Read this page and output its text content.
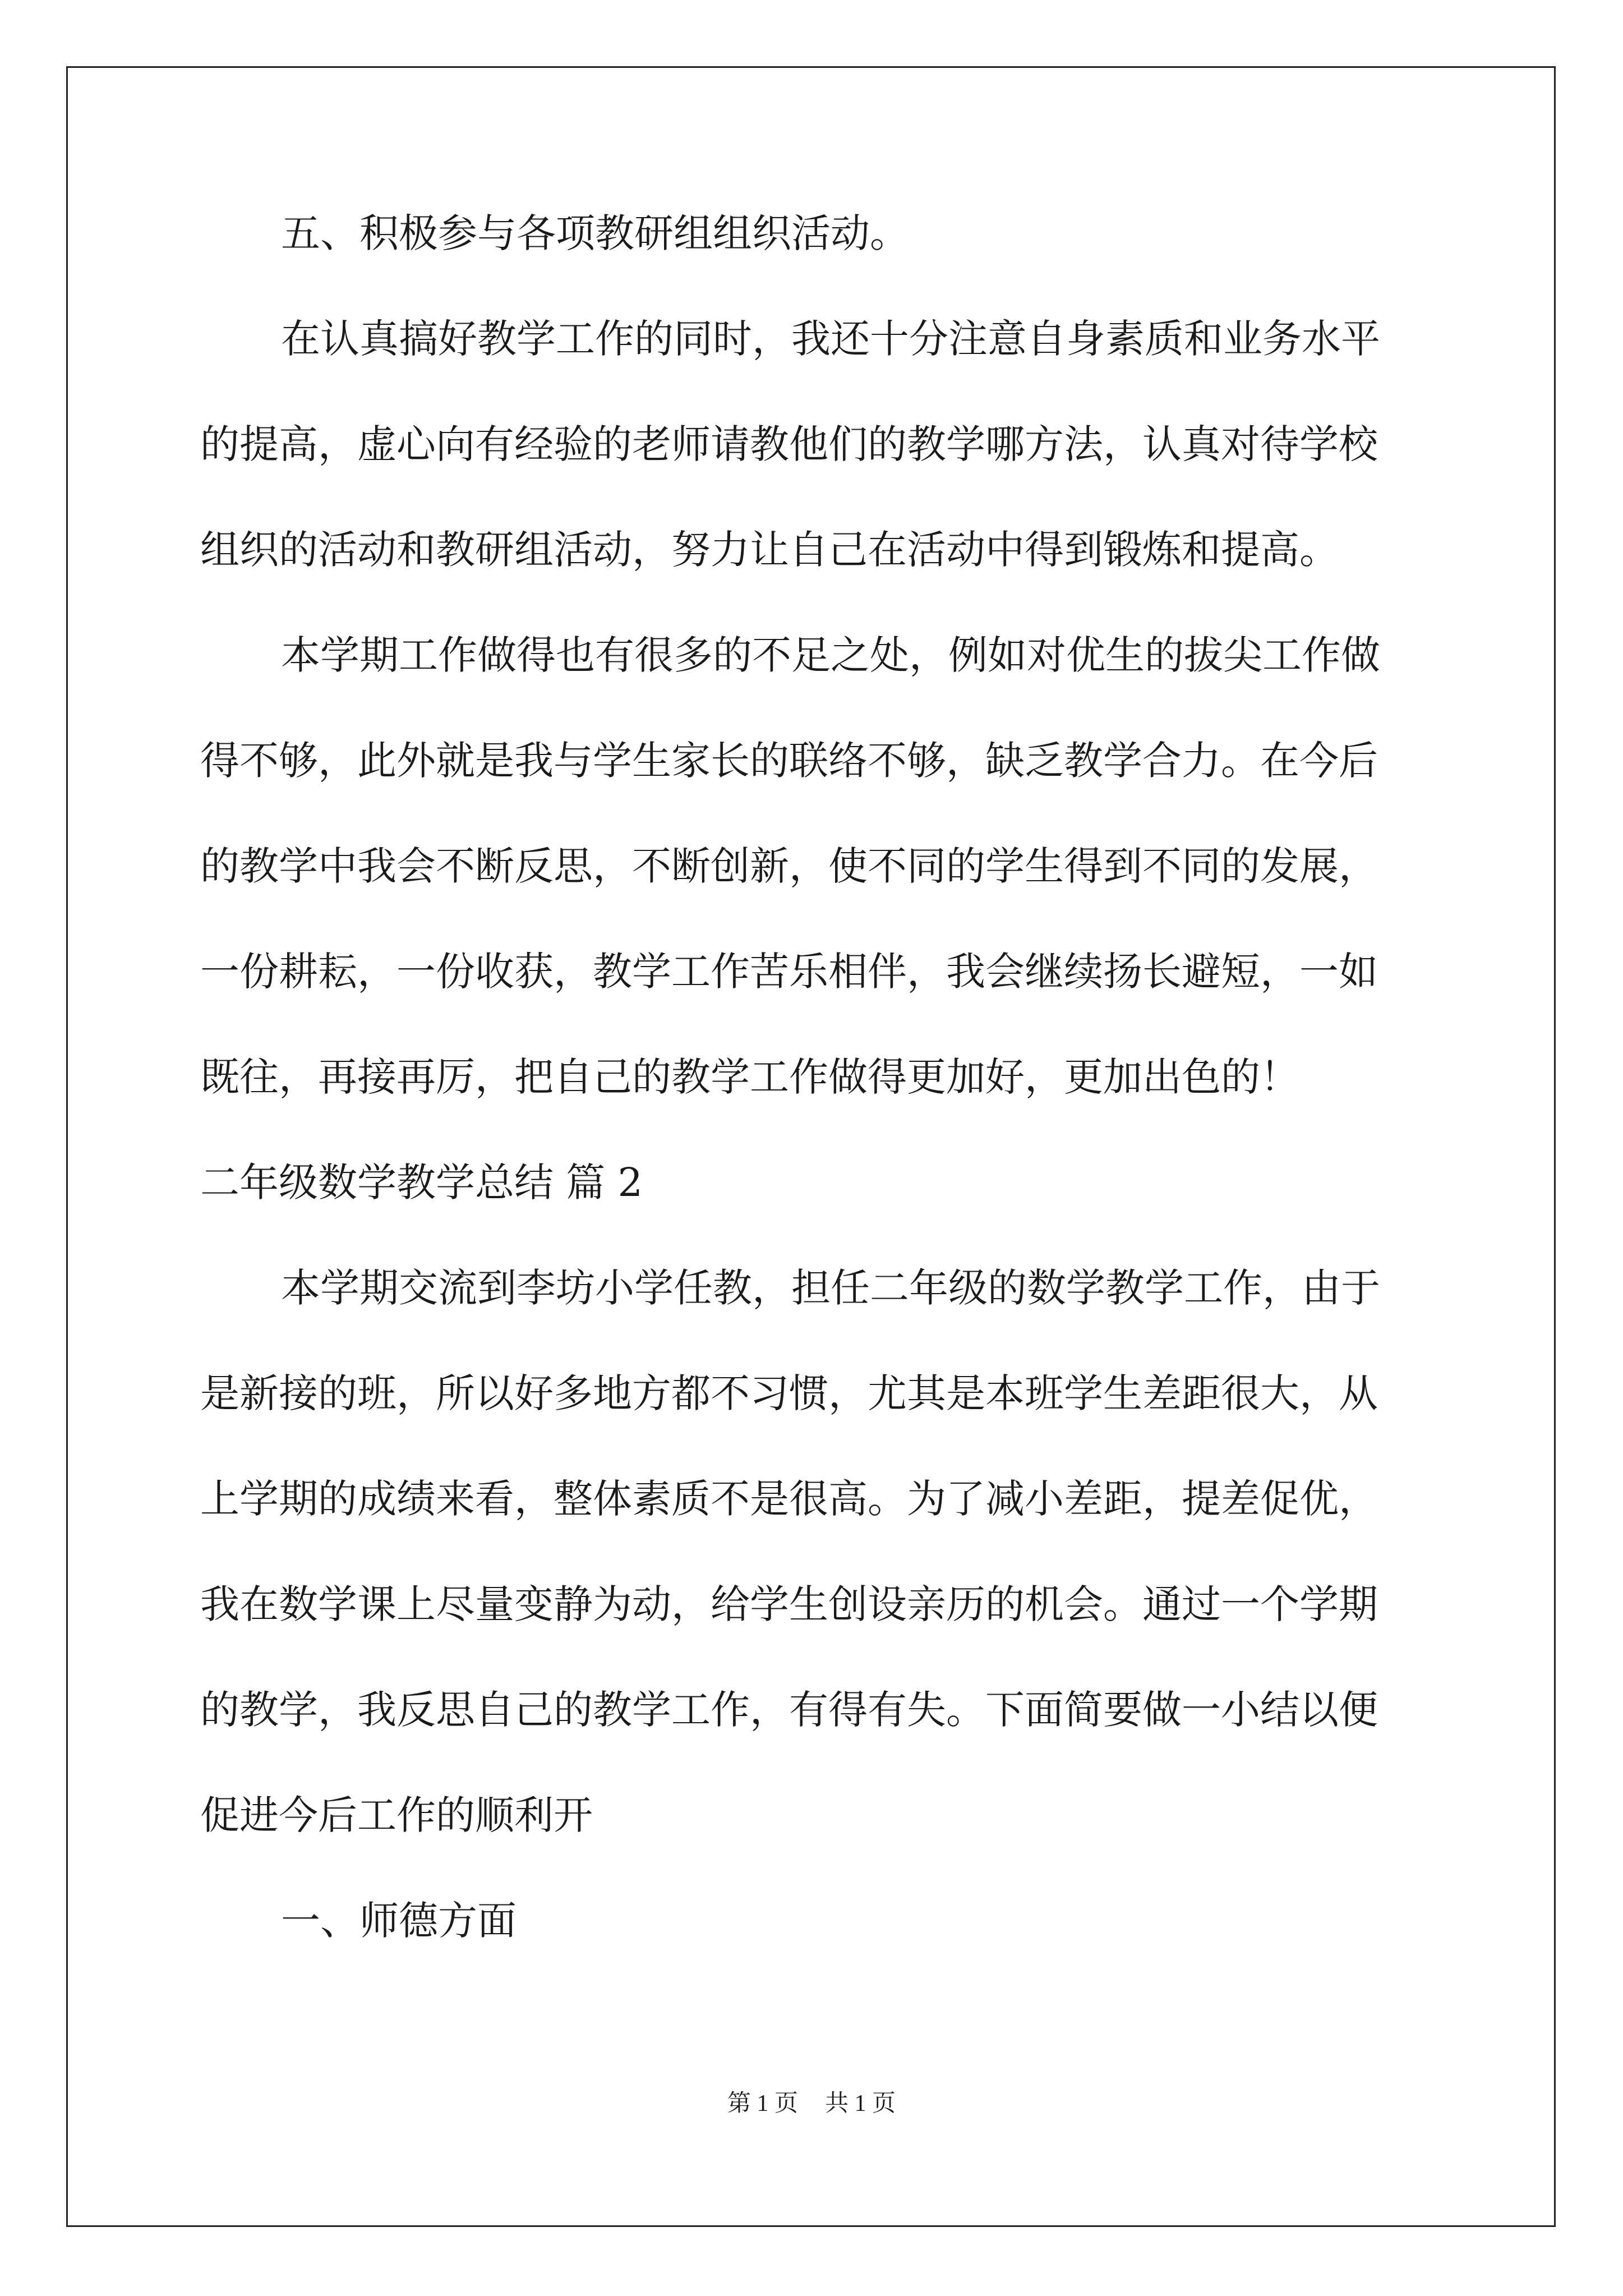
五、积极参与各项教研组组织活动。
在认真搞好教学工作的同时，我还十分注意自身素质和业务水平
的提高，虚心向有经验的老师请教他们的教学哪方法，认真对待学校
组织的活动和教研组活动，努力让自己在活动中得到锻炼和提高。
本学期工作做得也有很多的不足之处，例如对优生的拔尖工作做
得不够，此外就是我与学生家长的联络不够，缺乏教学合力。在今后
的教学中我会不断反思，不断创新，使不同的学生得到不同的发展，
一份耕耘，一份收获，教学工作苦乐相伴，我会继续扬长避短，一如
既往，再接再厉，把自己的教学工作做得更加好，更加出色的！
二年级数学教学总结 篇 2
本学期交流到李坊小学任教，担任二年级的数学教学工作，由于
是新接的班，所以好多地方都不习惯，尤其是本班学生差距很大，从
上学期的成绩来看，整体素质不是很高。为了减小差距，提差促优，
我在数学课上尽量变静为动，给学生创设亲历的机会。通过一个学期
的教学，我反思自己的教学工作，有得有失。下面简要做一小结以便
促进今后工作的顺利开
一、师德方面
第 1 页 共 1 页
